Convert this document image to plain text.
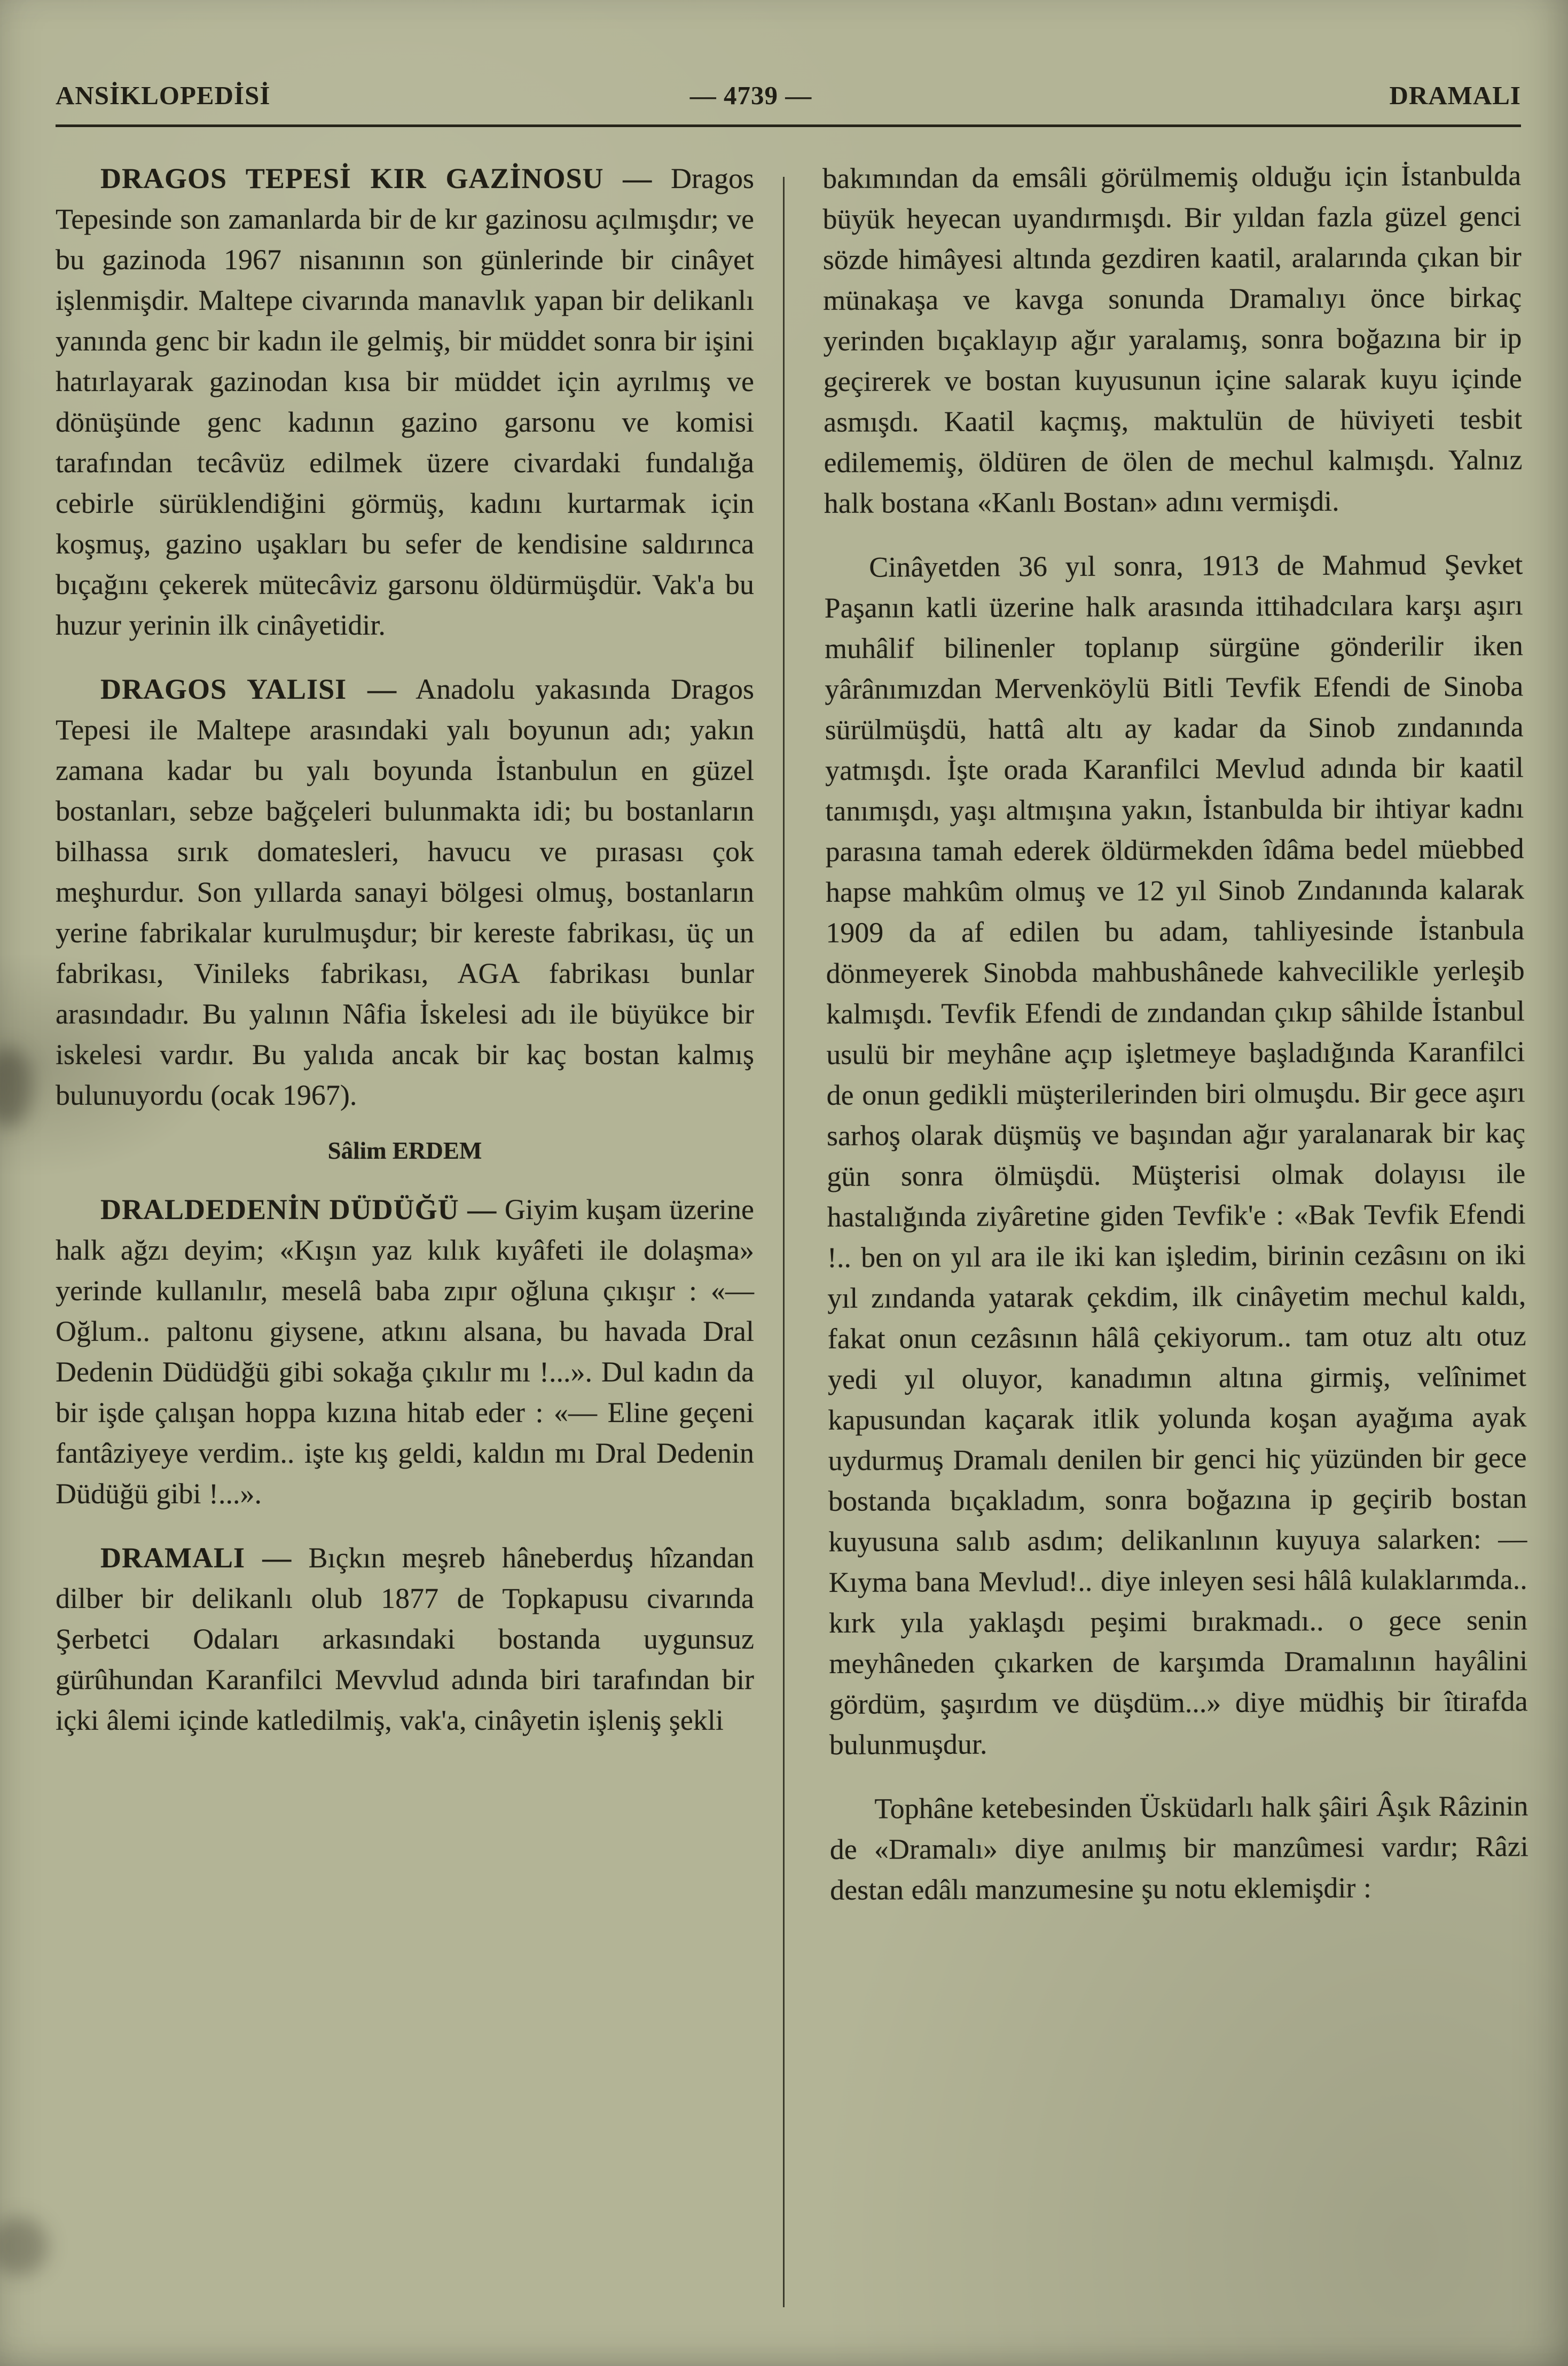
ANSİKLOPEDİSİ	— 4739 —	DRAMALI

DRAGOS TEPESİ KIR GAZİNOSU — Dragos Tepesinde son zamanlarda bir de kır gazinosu açılmışdır; ve bu gazinoda 1967 nisanının son günlerinde bir cinâyet işlenmişdir. Maltepe civarında manavlık yapan bir delikanlı yanında genc bir kadın ile gelmiş, bir müddet sonra bir işini hatırlayarak gazinodan kısa bir müddet için ayrılmış ve dönüşünde genc kadının gazino garsonu ve komisi tarafından tecâvüz edilmek üzere civardaki fundalığa cebirle sürüklendiğini görmüş, kadını kurtarmak için koşmuş, gazino uşakları bu sefer de kendisine saldırınca bıçağını çekerek mütecâviz garsonu öldürmüşdür. Vak'a bu huzur yerinin ilk cinâyetidir.

DRAGOS YALISI — Anadolu yakasında Dragos Tepesi ile Maltepe arasındaki yalı boyunun adı; yakın zamana kadar bu yalı boyunda İstanbulun en güzel bostanları, sebze bağçeleri bulunmakta idi; bu bostanların bilhassa sırık domatesleri, havucu ve pırasası çok meşhurdur. Son yıllarda sanayi bölgesi olmuş, bostanların yerine fabrikalar kurulmuşdur; bir kereste fabrikası, üç un fabrikası, Vinileks fabrikası, AGA fabrikası bunlar arasındadır. Bu yalının Nâfia İskelesi adı ile büyükce bir iskelesi vardır. Bu yalıda ancak bir kaç bostan kalmış bulunuyordu (ocak 1967).

Sâlim ERDEM

DRALDEDENİN DÜDÜĞÜ — Giyim kuşam üzerine halk ağzı deyim; «Kışın yaz kılık kıyâfeti ile dolaşma» yerinde kullanılır, meselâ baba zıpır oğluna çıkışır : «— Oğlum.. paltonu giysene, atkını alsana, bu havada Dral Dedenin Düdüdğü gibi sokağa çıkılır mı !...». Dul kadın da bir işde çalışan hoppa kızına hitab eder : «— Eline geçeni fantâziyeye verdim.. işte kış geldi, kaldın mı Dral Dedenin Düdüğü gibi !...».

DRAMALI — Bıçkın meşreb hâneberduş hîzandan dilber bir delikanlı olub 1877 de Topkapusu civarında Şerbetci Odaları arkasındaki bostanda uygunsuz gürûhundan Karanfilci Mevvlud adında biri tarafından bir içki âlemi içinde katledilmiş, vak'a, cinâyetin işleniş şekli

bakımından da emsâli görülmemiş olduğu için İstanbulda büyük heyecan uyandırmışdı. Bir yıldan fazla güzel genci sözde himâyesi altında gezdiren kaatil, aralarında çıkan bir münakaşa ve kavga sonunda Dramalıyı önce birkaç yerinden bıçaklayıp ağır yaralamış, sonra boğazına bir ip geçirerek ve bostan kuyusunun içine salarak kuyu içinde asmışdı. Kaatil kaçmış, maktulün de hüviyeti tesbit edilememiş, öldüren de ölen de mechul kalmışdı. Yalnız halk bostana «Kanlı Bostan» adını vermişdi.

Cinâyetden 36 yıl sonra, 1913 de Mahmud Şevket Paşanın katli üzerine halk arasında ittihadcılara karşı aşırı muhâlif bilinenler toplanıp sürgüne gönderilir iken yârânımızdan Mervenköylü Bitli Tevfik Efendi de Sinoba sürülmüşdü, hattâ altı ay kadar da Sinob zındanında yatmışdı. İşte orada Karanfilci Mevlud adında bir kaatil tanımışdı, yaşı altmışına yakın, İstanbulda bir ihtiyar kadnı parasına tamah ederek öldürmekden îdâma bedel müebbed hapse mahkûm olmuş ve 12 yıl Sinob Zındanında kalarak 1909 da af edilen bu adam, tahliyesinde İstanbula dönmeyerek Sinobda mahbushânede kahvecilikle yerleşib kalmışdı. Tevfik Efendi de zındandan çıkıp sâhilde İstanbul usulü bir meyhâne açıp işletmeye başladığında Karanfilci de onun gedikli müşterilerinden biri olmuşdu. Bir gece aşırı sarhoş olarak düşmüş ve başından ağır yaralanarak bir kaç gün sonra ölmüşdü. Müşterisi olmak dolayısı ile hastalığında ziyâretine giden Tevfik'e : «Bak Tevfik Efendi !.. ben on yıl ara ile iki kan işledim, birinin cezâsını on iki yıl zındanda yatarak çekdim, ilk cinâyetim mechul kaldı, fakat onun cezâsının hâlâ çekiyorum.. tam otuz altı otuz yedi yıl oluyor, kanadımın altına girmiş, velînimet kapusundan kaçarak itlik yolunda koşan ayağıma ayak uydurmuş Dramalı denilen bir genci hiç yüzünden bir gece bostanda bıçakladım, sonra boğazına ip geçirib bostan kuyusuna salıb asdım; delikanlının kuyuya salarken: — Kıyma bana Mevlud!.. diye inleyen sesi hâlâ kulaklarımda.. kırk yıla yaklaşdı peşimi bırakmadı.. o gece senin meyhâneden çıkarken de karşımda Dramalının hayâlini gördüm, şaşırdım ve düşdüm...» diye müdhiş bir îtirafda bulunmuşdur.

Tophâne ketebesinden Üsküdarlı halk şâiri Âşık Râzinin de «Dramalı» diye anılmış bir manzûmesi vardır; Râzi destan edâlı manzumesine şu notu eklemişdir :
